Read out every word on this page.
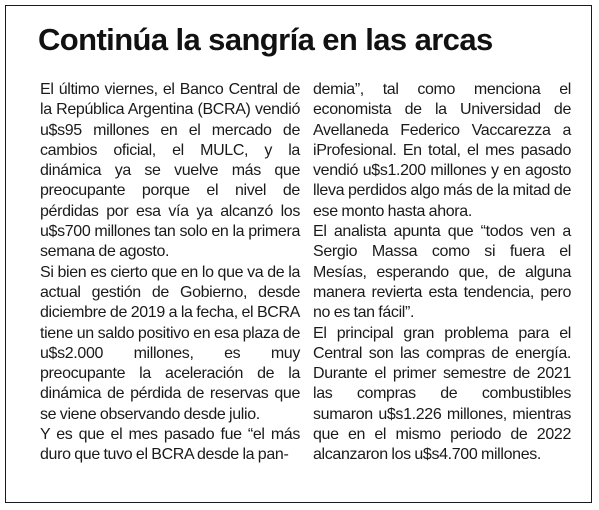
Continúa la sangría en las arcas

El último viernes, el Banco Central de la República Argentina (BCRA) vendió u$s95 millones en el mercado de cambios oficial, el MULC, y la dinámica ya se vuelve más que preocupante porque el nivel de pérdidas por esa vía ya alcanzó los u$s700 millones tan solo en la primera semana de agosto.

Si bien es cierto que en lo que va de la actual gestión de Gobierno, desde diciembre de 2019 a la fecha, el BCRA tiene un saldo positivo en esa plaza de u$s2.000 millones, es muy preocupante la aceleración de la dinámica de pérdida de reservas que se viene observando desde julio.

Y es que el mes pasado fue “el más duro que tuvo el BCRA desde la pan-

demia”, tal como menciona el economista de la Universidad de Avellaneda Federico Vaccarezza a iProfesional. En total, el mes pasado vendió u$s1.200 millones y en agosto lleva perdidos algo más de la mitad de ese monto hasta ahora.

El analista apunta que “todos ven a Sergio Massa como si fuera el Mesías, esperando que, de alguna manera revierta esta tendencia, pero no es tan fácil”.

El principal gran problema para el Central son las compras de energía. Durante el primer semestre de 2021 las compras de combustibles sumaron u$s1.226 millones, mientras que en el mismo periodo de 2022 alcanzaron los u$s4.700 millones.
